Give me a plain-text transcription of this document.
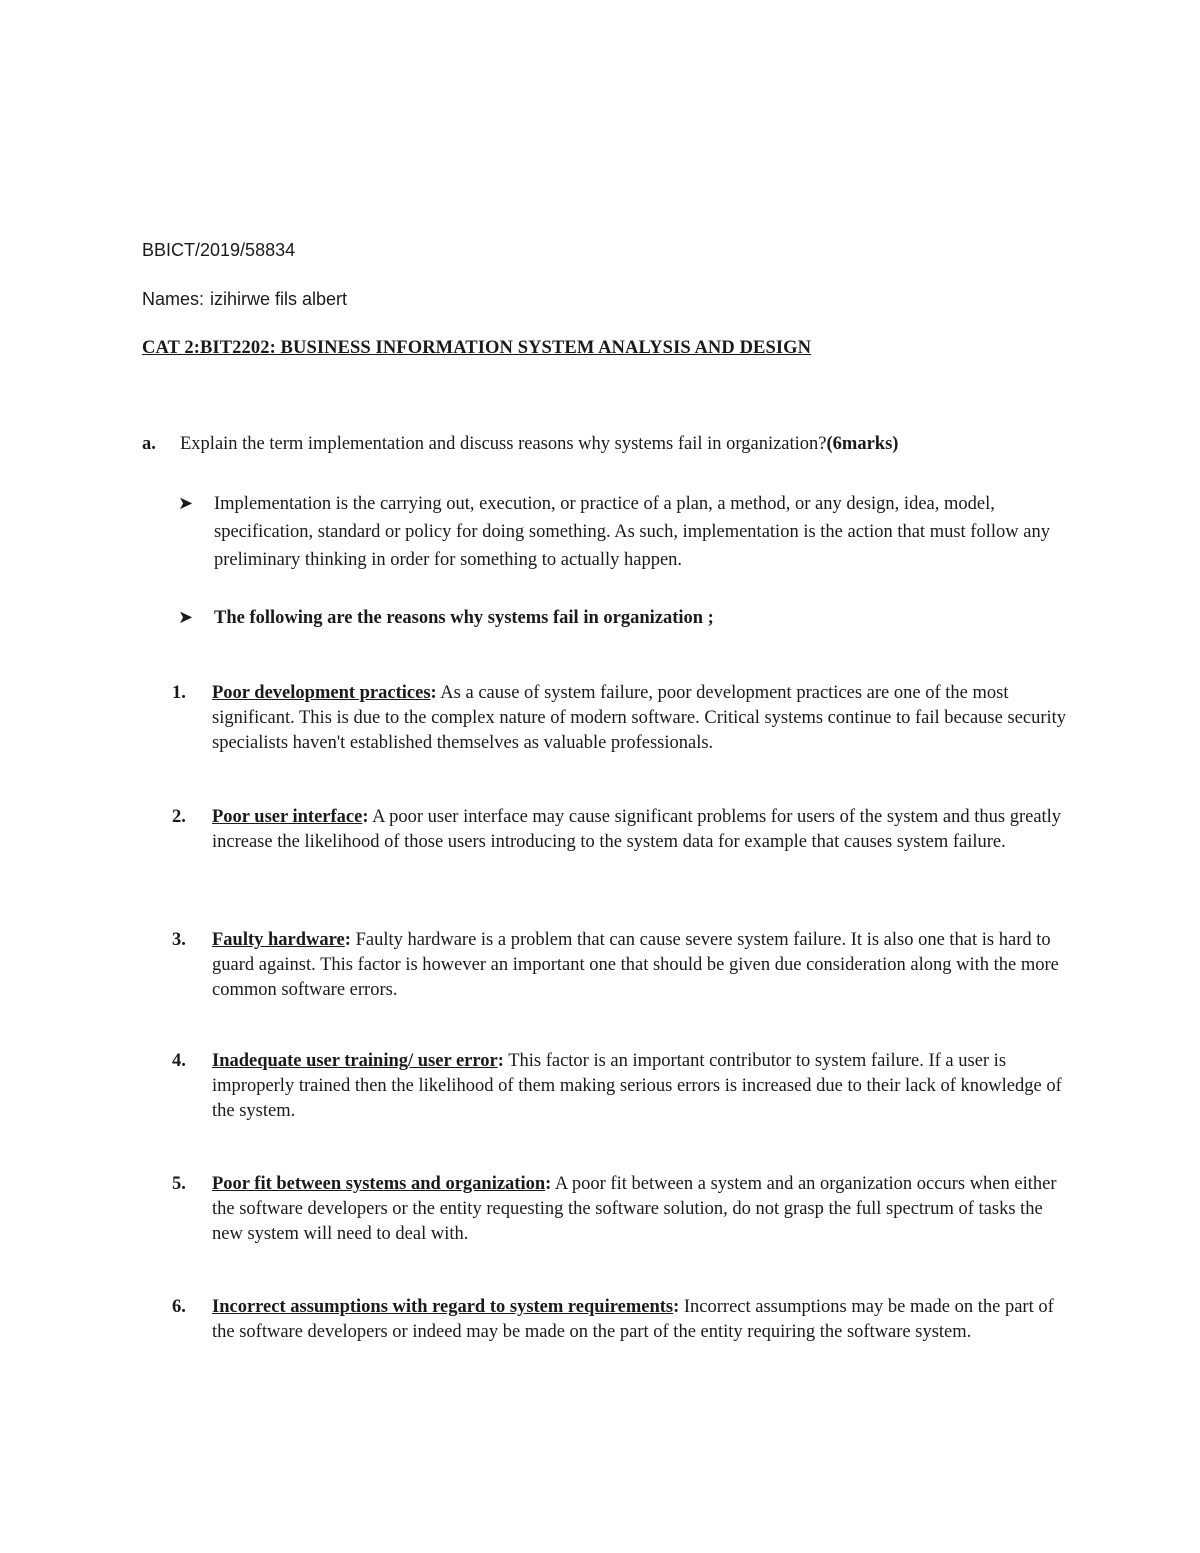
BBICT/2019/58834

Names: izihirwe fils albert

CAT 2:BIT2202: BUSINESS INFORMATION SYSTEM ANALYSIS AND DESIGN

a. Explain the term implementation and discuss reasons why systems fail in organization?(6marks)

➤	Implementation is the carrying out, execution, or practice of a plan, a method, or any design, idea, model, specification, standard or policy for doing something. As such, implementation is the action that must follow any preliminary thinking in order for something to actually happen.
➤	The following are the reasons why systems fail in organization ;
1. Poor development practices: As a cause of system failure, poor development practices are one of the most significant. This is due to the complex nature of modern software. Critical systems continue to fail because security specialists haven't established themselves as valuable professionals.
2. Poor user interface: A poor user interface may cause significant problems for users of the system and thus greatly increase the likelihood of those users introducing to the system data for example that causes system failure.
3. Faulty hardware: Faulty hardware is a problem that can cause severe system failure. It is also one that is hard to guard against. This factor is however an important one that should be given due consideration along with the more common software errors.
4. Inadequate user training/ user error: This factor is an important contributor to system failure. If a user is improperly trained then the likelihood of them making serious errors is increased due to their lack of knowledge of the system.
5. Poor fit between systems and organization: A poor fit between a system and an organization occurs when either the software developers or the entity requesting the software solution, do not grasp the full spectrum of tasks the new system will need to deal with.
6. Incorrect assumptions with regard to system requirements: Incorrect assumptions may be made on the part of the software developers or indeed may be made on the part of the entity requiring the software system.
